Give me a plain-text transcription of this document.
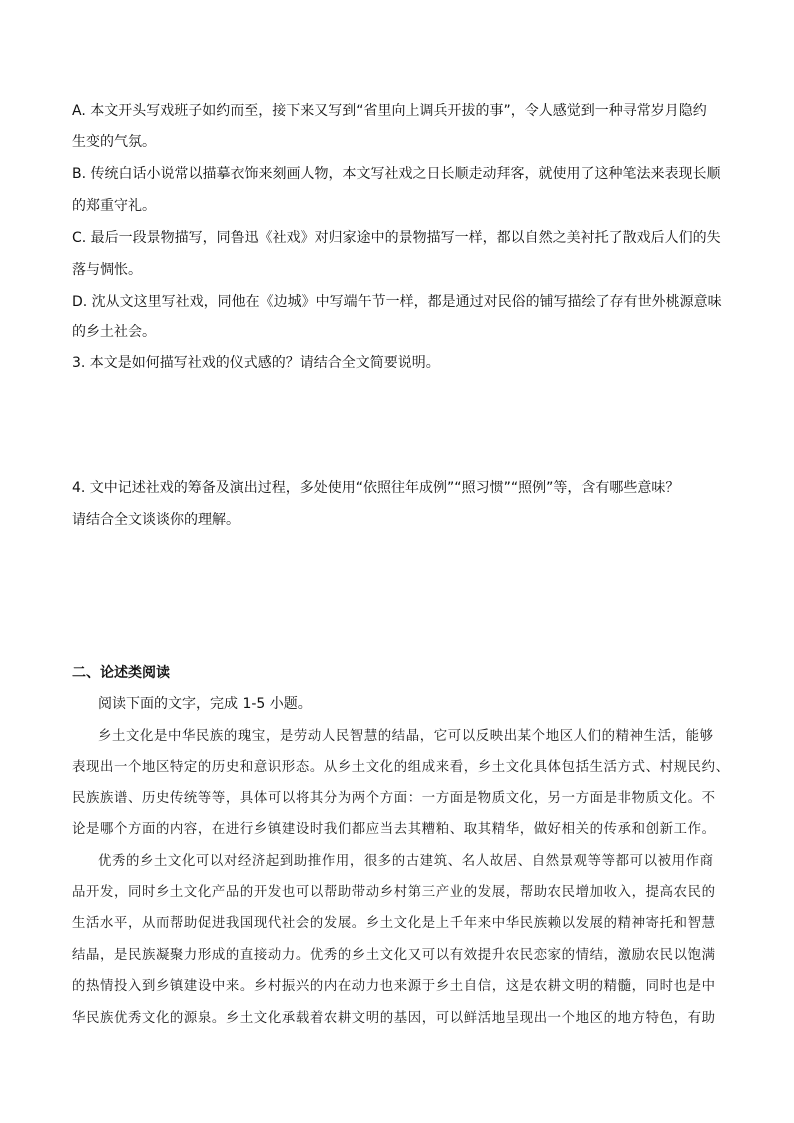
A. 本文开头写戏班子如约而至，接下来又写到“省里向上调兵开拔的事”，令人感觉到一种寻常岁月隐约
生变的气氛。
B. 传统白话小说常以描摹衣饰来刻画人物，本文写社戏之日长顺走动拜客，就使用了这种笔法来表现长顺
的郑重守礼。
C. 最后一段景物描写，同鲁迅《社戏》对归家途中的景物描写一样，都以自然之美衬托了散戏后人们的失
落与惆怅。
D. 沈从文这里写社戏，同他在《边城》中写端午节一样，都是通过对民俗的铺写描绘了存有世外桃源意味
的乡土社会。
3. 本文是如何描写社戏的仪式感的？请结合全文简要说明。
4. 文中记述社戏的筹备及演出过程，多处使用“依照往年成例”“照习惯”“照例”等，含有哪些意味？
请结合全文谈谈你的理解。
二、论述类阅读
阅读下面的文字，完成 1-5 小题。
乡土文化是中华民族的瑰宝，是劳动人民智慧的结晶，它可以反映出某个地区人们的精神生活，能够
表现出一个地区特定的历史和意识形态。从乡土文化的组成来看，乡土文化具体包括生活方式、村规民约、
民族族谱、历史传统等等，具体可以将其分为两个方面：一方面是物质文化，另一方面是非物质文化。不
论是哪个方面的内容，在进行乡镇建设时我们都应当去其糟粕、取其精华，做好相关的传承和创新工作。
优秀的乡土文化可以对经济起到助推作用，很多的古建筑、名人故居、自然景观等等都可以被用作商
品开发，同时乡土文化产品的开发也可以帮助带动乡村第三产业的发展，帮助农民增加收入，提高农民的
生活水平，从而帮助促进我国现代社会的发展。乡土文化是上千年来中华民族赖以发展的精神寄托和智慧
结晶，是民族凝聚力形成的直接动力。优秀的乡土文化又可以有效提升农民恋家的情结，激励农民以饱满
的热情投入到乡镇建设中来。乡村振兴的内在动力也来源于乡土自信，这是农耕文明的精髓，同时也是中
华民族优秀文化的源泉。乡土文化承载着农耕文明的基因，可以鲜活地呈现出一个地区的地方特色，有助
